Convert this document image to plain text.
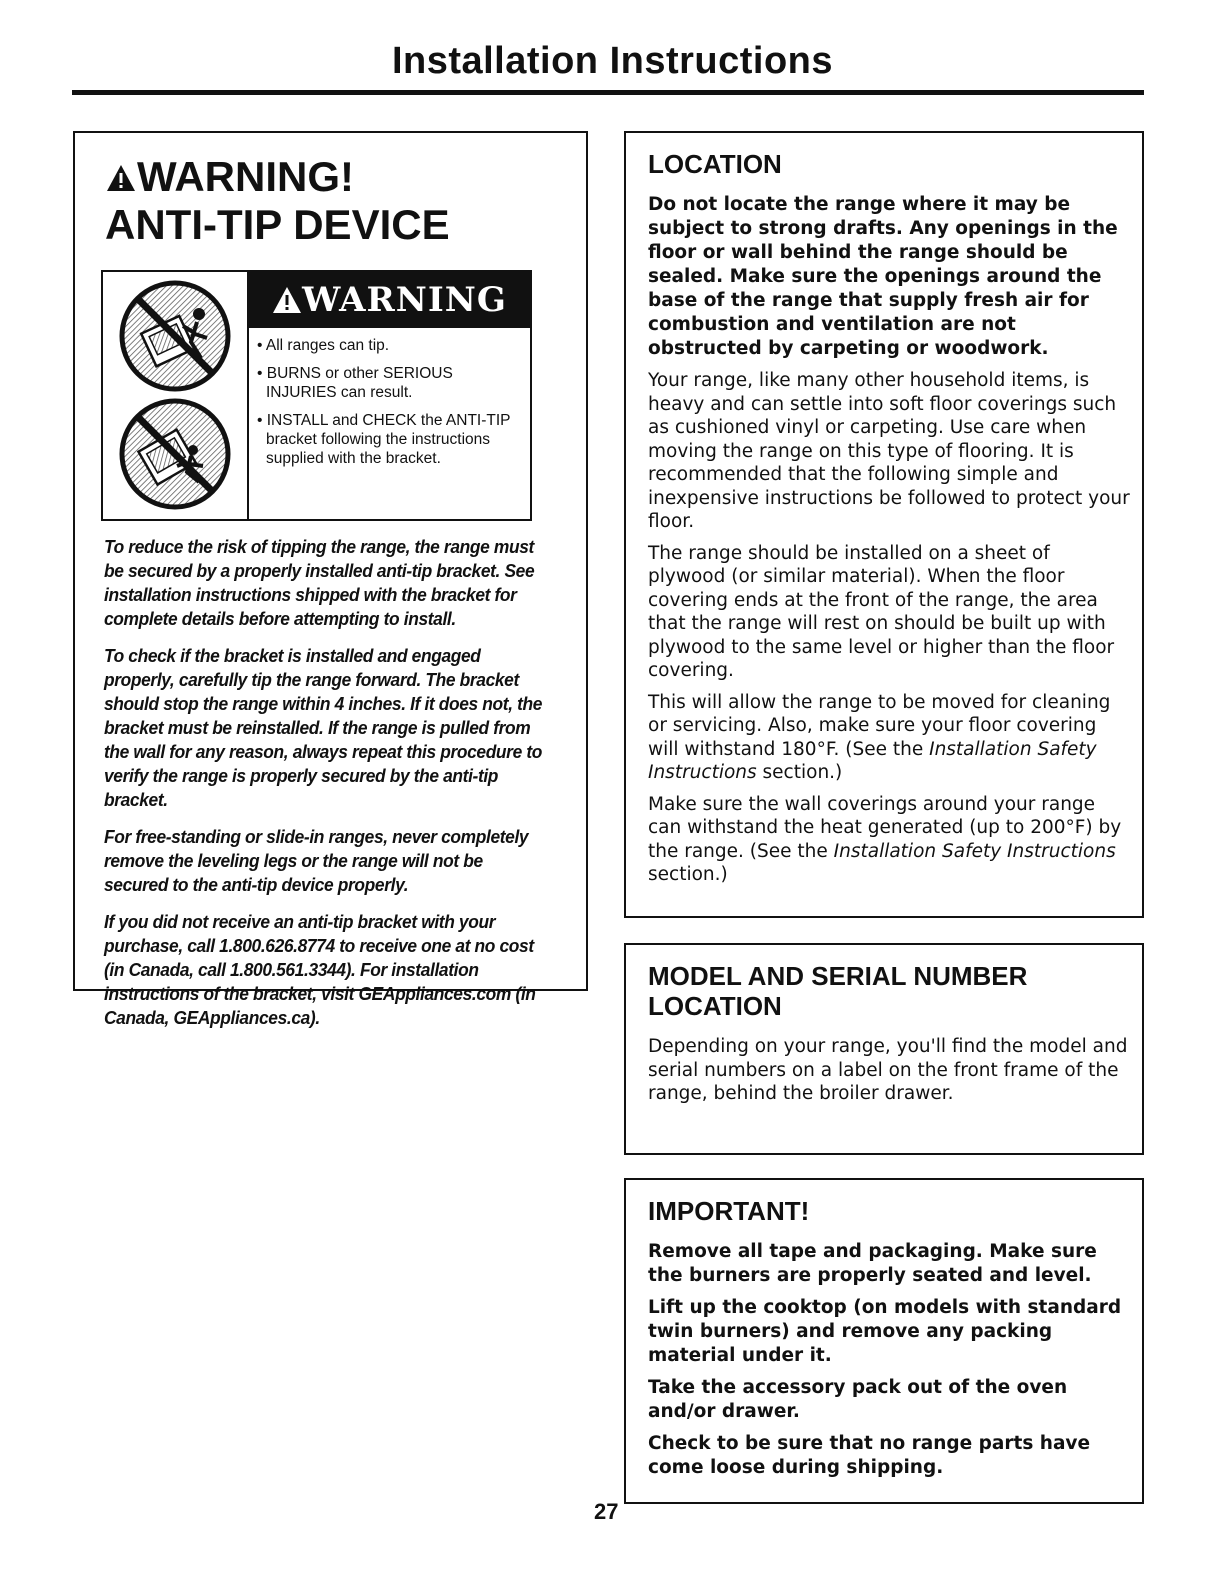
Installation Instructions
WARNING!
ANTI-TIP DEVICE
WARNING
• All ranges can tip.
• BURNS or other SERIOUS INJURIES can result.
• INSTALL and CHECK the ANTI-TIP bracket following the instructions supplied with the bracket.

To reduce the risk of tipping the range, the range must be secured by a properly installed anti-tip bracket. See installation instructions shipped with the bracket for complete details before attempting to install.

To check if the bracket is installed and engaged properly, carefully tip the range forward. The bracket should stop the range within 4 inches. If it does not, the bracket must be reinstalled. If the range is pulled from the wall for any reason, always repeat this procedure to verify the range is properly secured by the anti-tip bracket.

For free-standing or slide-in ranges, never completely remove the leveling legs or the range will not be secured to the anti-tip device properly.

If you did not receive an anti-tip bracket with your purchase, call 1.800.626.8774 to receive one at no cost (in Canada, call 1.800.561.3344). For installation instructions of the bracket, visit GEAppliances.com (in Canada, GEAppliances.ca).

LOCATION

Do not locate the range where it may be subject to strong drafts. Any openings in the floor or wall behind the range should be sealed. Make sure the openings around the base of the range that supply fresh air for combustion and ventilation are not obstructed by carpeting or woodwork.

Your range, like many other household items, is heavy and can settle into soft floor coverings such as cushioned vinyl or carpeting. Use care when moving the range on this type of flooring. It is recommended that the following simple and inexpensive instructions be followed to protect your floor.

The range should be installed on a sheet of plywood (or similar material). When the floor covering ends at the front of the range, the area that the range will rest on should be built up with plywood to the same level or higher than the floor covering.

This will allow the range to be moved for cleaning or servicing. Also, make sure your floor covering will withstand 180°F. (See the Installation Safety Instructions section.)

Make sure the wall coverings around your range can withstand the heat generated (up to 200°F) by the range. (See the Installation Safety Instructions section.)

MODEL AND SERIAL NUMBER
LOCATION

Depending on your range, you'll find the model and serial numbers on a label on the front frame of the range, behind the broiler drawer.

IMPORTANT!

Remove all tape and packaging. Make sure the burners are properly seated and level.

Lift up the cooktop (on models with standard twin burners) and remove any packing material under it.

Take the accessory pack out of the oven and/or drawer.

Check to be sure that no range parts have come loose during shipping.

27
